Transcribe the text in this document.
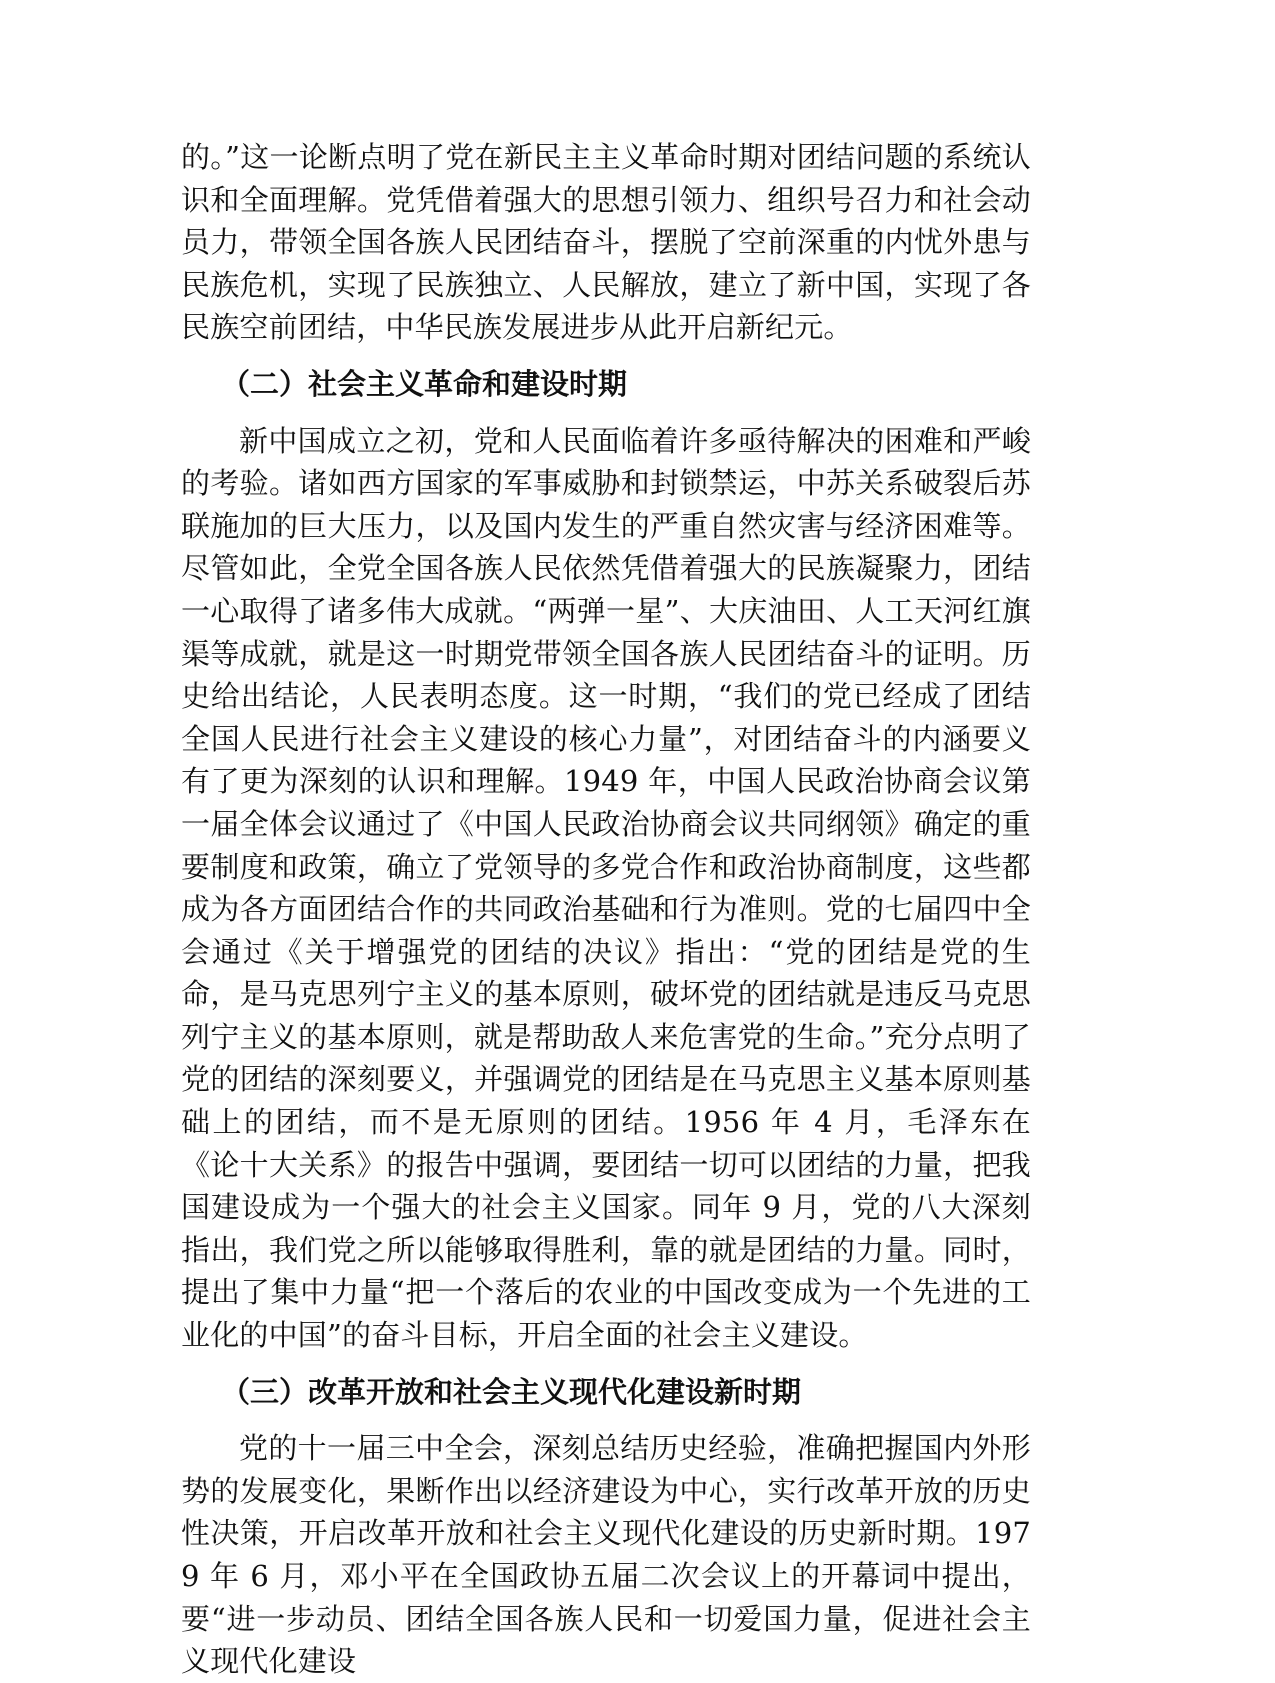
的。”这一论断点明了党在新民主主义革命时期对团结问题的系统认识和全面理解。党凭借着强大的思想引领力、组织号召力和社会动员力，带领全国各族人民团结奋斗，摆脱了空前深重的内忧外患与民族危机，实现了民族独立、人民解放，建立了新中国，实现了各民族空前团结，中华民族发展进步从此开启新纪元。

（二）社会主义革命和建设时期

新中国成立之初，党和人民面临着许多亟待解决的困难和严峻的考验。诸如西方国家的军事威胁和封锁禁运，中苏关系破裂后苏联施加的巨大压力，以及国内发生的严重自然灾害与经济困难等。尽管如此，全党全国各族人民依然凭借着强大的民族凝聚力，团结一心取得了诸多伟大成就。“两弹一星”、大庆油田、人工天河红旗渠等成就，就是这一时期党带领全国各族人民团结奋斗的证明。历史给出结论，人民表明态度。这一时期，“我们的党已经成了团结全国人民进行社会主义建设的核心力量”，对团结奋斗的内涵要义有了更为深刻的认识和理解。1949 年，中国人民政治协商会议第一届全体会议通过了《中国人民政治协商会议共同纲领》确定的重要制度和政策，确立了党领导的多党合作和政治协商制度，这些都成为各方面团结合作的共同政治基础和行为准则。党的七届四中全会通过《关于增强党的团结的决议》指出：“党的团结是党的生命，是马克思列宁主义的基本原则，破坏党的团结就是违反马克思列宁主义的基本原则，就是帮助敌人来危害党的生命。”充分点明了党的团结的深刻要义，并强调党的团结是在马克思主义基本原则基础上的团结，而不是无原则的团结。1956 年 4 月，毛泽东在《论十大关系》的报告中强调，要团结一切可以团结的力量，把我国建设成为一个强大的社会主义国家。同年 9 月，党的八大深刻指出，我们党之所以能够取得胜利，靠的就是团结的力量。同时，提出了集中力量“把一个落后的农业的中国改变成为一个先进的工业化的中国”的奋斗目标，开启全面的社会主义建设。

（三）改革开放和社会主义现代化建设新时期

党的十一届三中全会，深刻总结历史经验，准确把握国内外形势的发展变化，果断作出以经济建设为中心，实行改革开放的历史性决策，开启改革开放和社会主义现代化建设的历史新时期。1979 年 6 月，邓小平在全国政协五届二次会议上的开幕词中提出，要“进一步动员、团结全国各族人民和一切爱国力量，促进社会主义现代化建设
